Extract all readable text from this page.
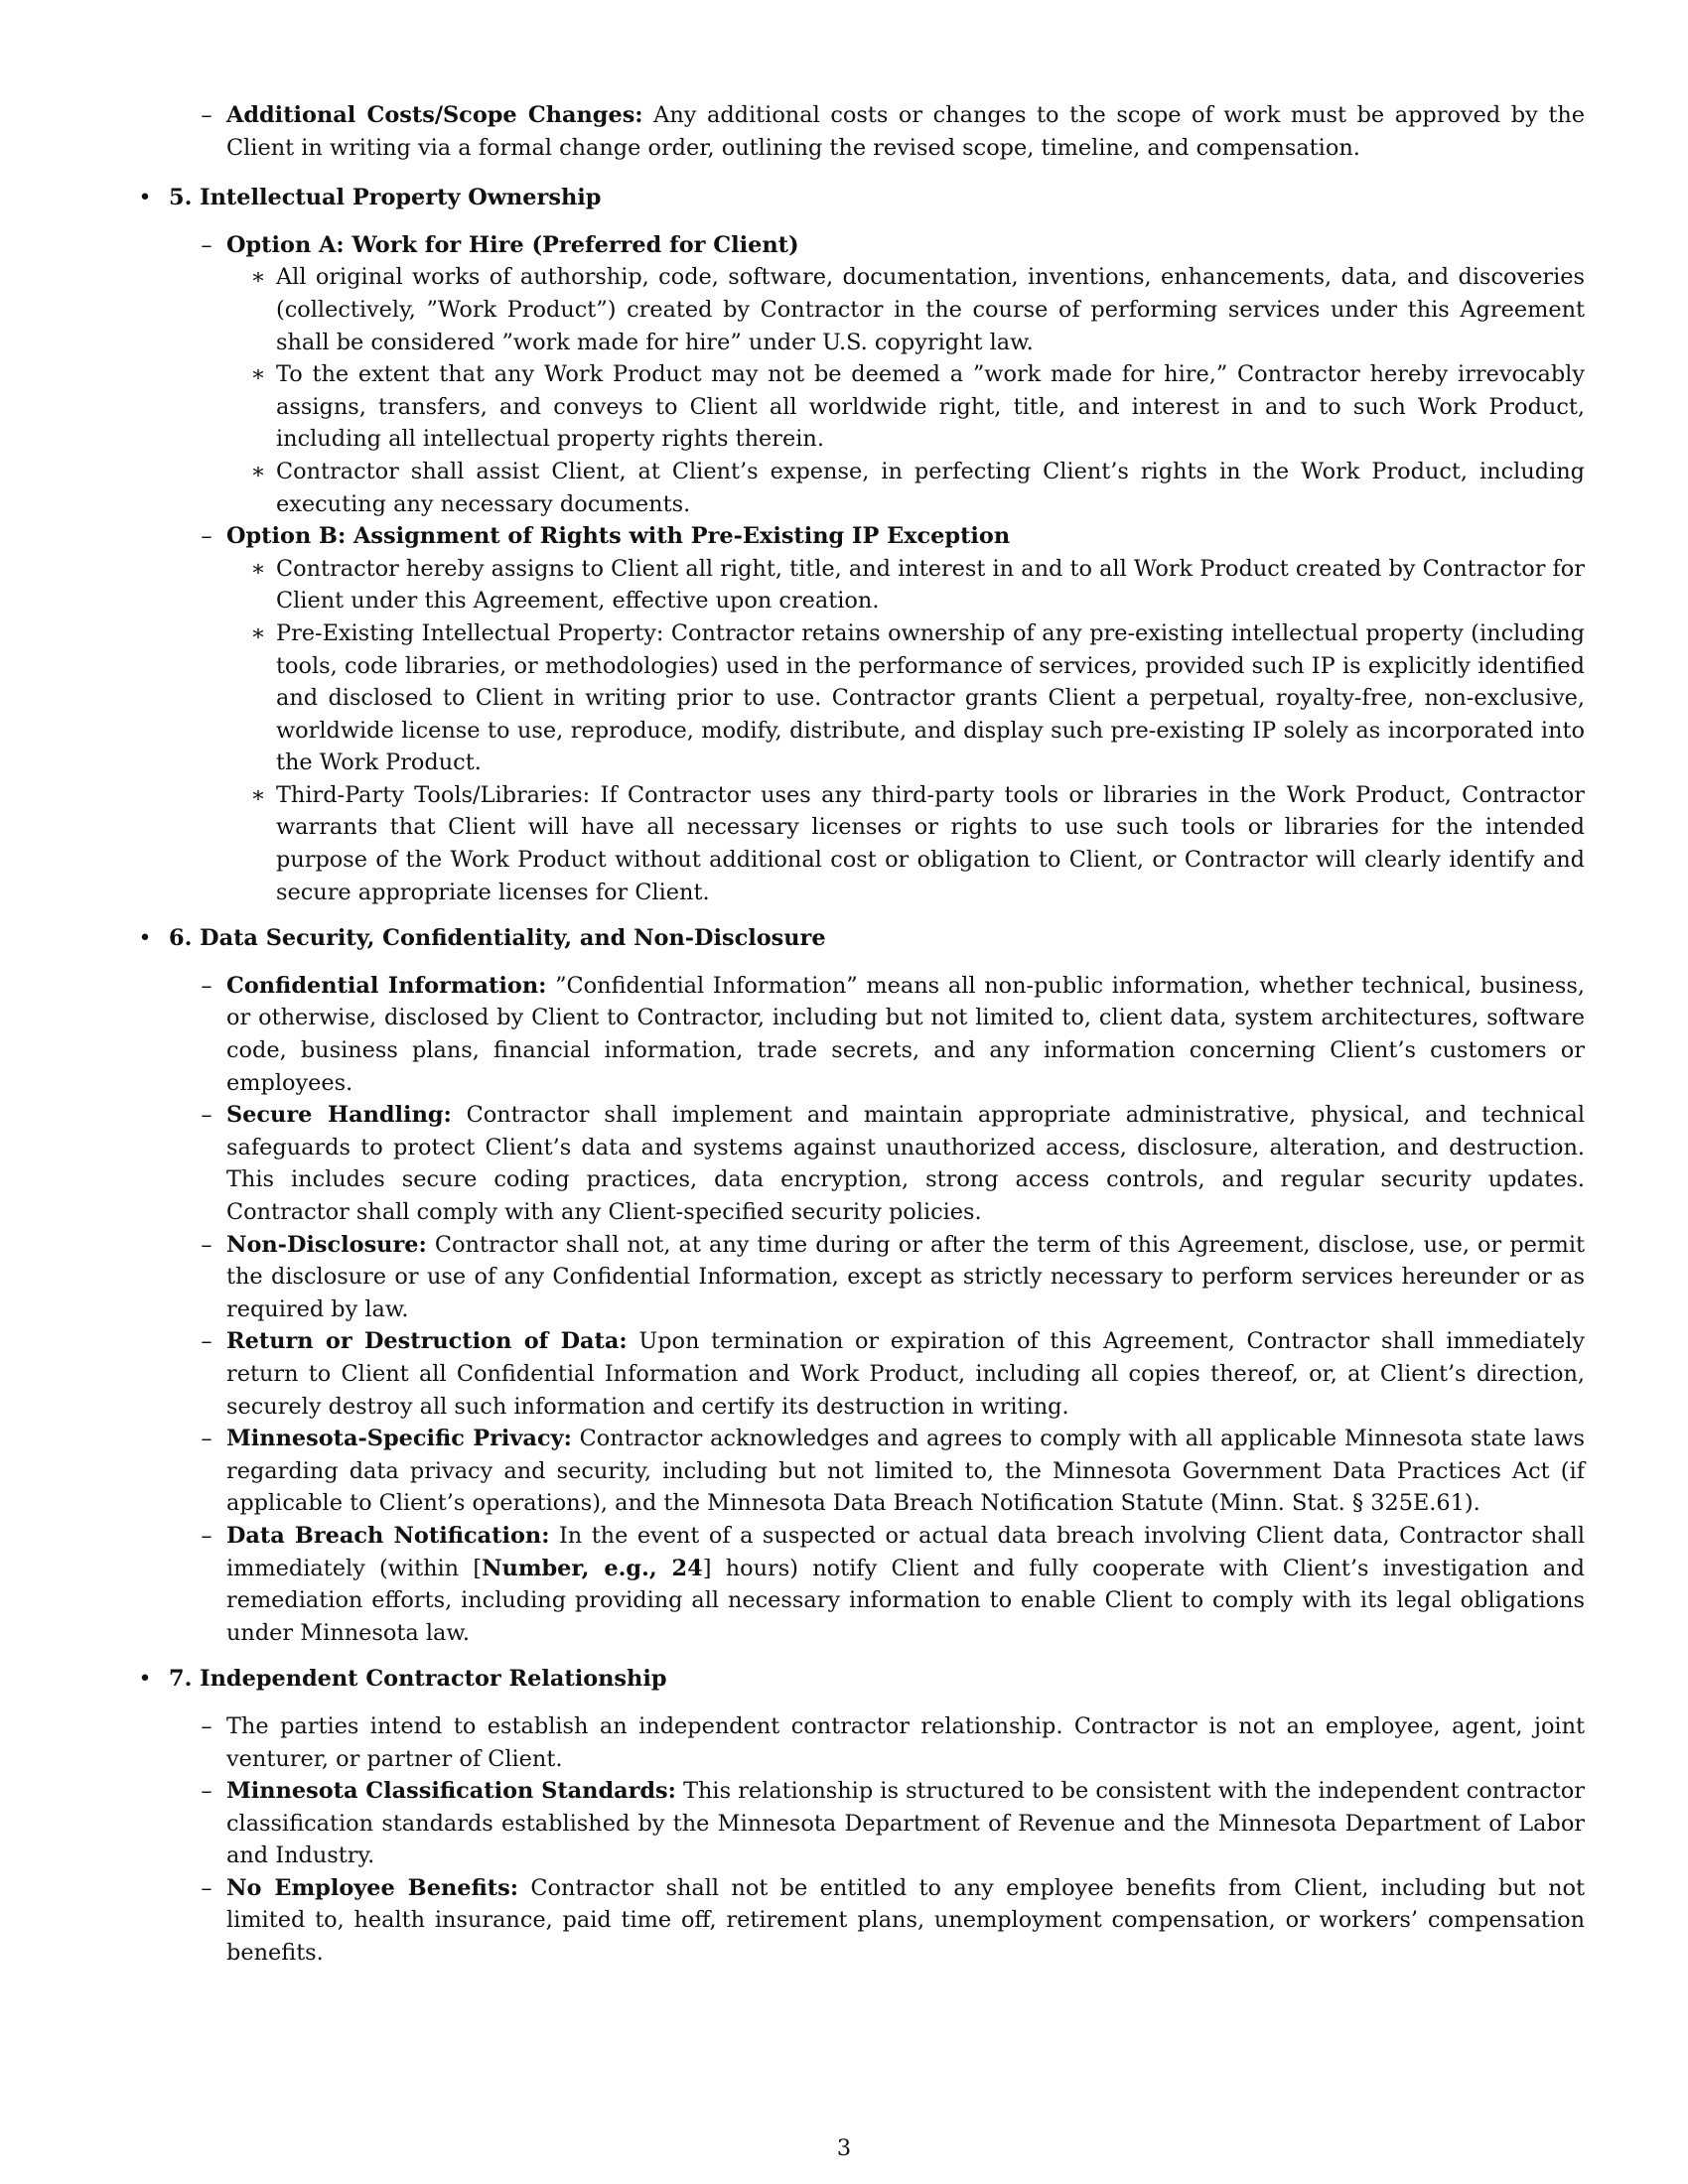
– Additional Costs/Scope Changes: Any additional costs or changes to the scope of work must be approved by the Client in writing via a formal change order, outlining the revised scope, timeline, and compensation.
• 5. Intellectual Property Ownership
– Option A: Work for Hire (Preferred for Client)
∗ All original works of authorship, code, software, documentation, inventions, enhancements, data, and discoveries (collectively, ”Work Product”) created by Contractor in the course of performing services under this Agreement shall be considered ”work made for hire” under U.S. copyright law.
∗ To the extent that any Work Product may not be deemed a ”work made for hire,” Contractor hereby irrevocably assigns, transfers, and conveys to Client all worldwide right, title, and interest in and to such Work Product, including all intellectual property rights therein.
∗ Contractor shall assist Client, at Client’s expense, in perfecting Client’s rights in the Work Product, including executing any necessary documents.
– Option B: Assignment of Rights with Pre-Existing IP Exception
∗ Contractor hereby assigns to Client all right, title, and interest in and to all Work Product created by Contractor for Client under this Agreement, effective upon creation.
∗ Pre-Existing Intellectual Property: Contractor retains ownership of any pre-existing intellectual property (including tools, code libraries, or methodologies) used in the performance of services, provided such IP is explicitly identified and disclosed to Client in writing prior to use. Contractor grants Client a perpetual, royalty-free, non-exclusive, worldwide license to use, reproduce, modify, distribute, and display such pre-existing IP solely as incorporated into the Work Product.
∗ Third-Party Tools/Libraries: If Contractor uses any third-party tools or libraries in the Work Product, Contractor warrants that Client will have all necessary licenses or rights to use such tools or libraries for the intended purpose of the Work Product without additional cost or obligation to Client, or Contractor will clearly identify and secure appropriate licenses for Client.
• 6. Data Security, Confidentiality, and Non-Disclosure
– Confidential Information: ”Confidential Information” means all non-public information, whether technical, business, or otherwise, disclosed by Client to Contractor, including but not limited to, client data, system architectures, software code, business plans, financial information, trade secrets, and any information concerning Client’s customers or employees.
– Secure Handling: Contractor shall implement and maintain appropriate administrative, physical, and technical safeguards to protect Client’s data and systems against unauthorized access, disclosure, alteration, and destruction. This includes secure coding practices, data encryption, strong access controls, and regular security updates. Contractor shall comply with any Client-specified security policies.
– Non-Disclosure: Contractor shall not, at any time during or after the term of this Agreement, disclose, use, or permit the disclosure or use of any Confidential Information, except as strictly necessary to perform services hereunder or as required by law.
– Return or Destruction of Data: Upon termination or expiration of this Agreement, Contractor shall immediately return to Client all Confidential Information and Work Product, including all copies thereof, or, at Client’s direction, securely destroy all such information and certify its destruction in writing.
– Minnesota-Specific Privacy: Contractor acknowledges and agrees to comply with all applicable Minnesota state laws regarding data privacy and security, including but not limited to, the Minnesota Government Data Practices Act (if applicable to Client’s operations), and the Minnesota Data Breach Notification Statute (Minn. Stat. § 325E.61).
– Data Breach Notification: In the event of a suspected or actual data breach involving Client data, Contractor shall immediately (within [Number, e.g., 24] hours) notify Client and fully cooperate with Client’s investigation and remediation efforts, including providing all necessary information to enable Client to comply with its legal obligations under Minnesota law.
• 7. Independent Contractor Relationship
– The parties intend to establish an independent contractor relationship. Contractor is not an employee, agent, joint venturer, or partner of Client.
– Minnesota Classification Standards: This relationship is structured to be consistent with the independent contractor classification standards established by the Minnesota Department of Revenue and the Minnesota Department of Labor and Industry.
– No Employee Benefits: Contractor shall not be entitled to any employee benefits from Client, including but not limited to, health insurance, paid time off, retirement plans, unemployment compensation, or workers’ compensation benefits.
3
